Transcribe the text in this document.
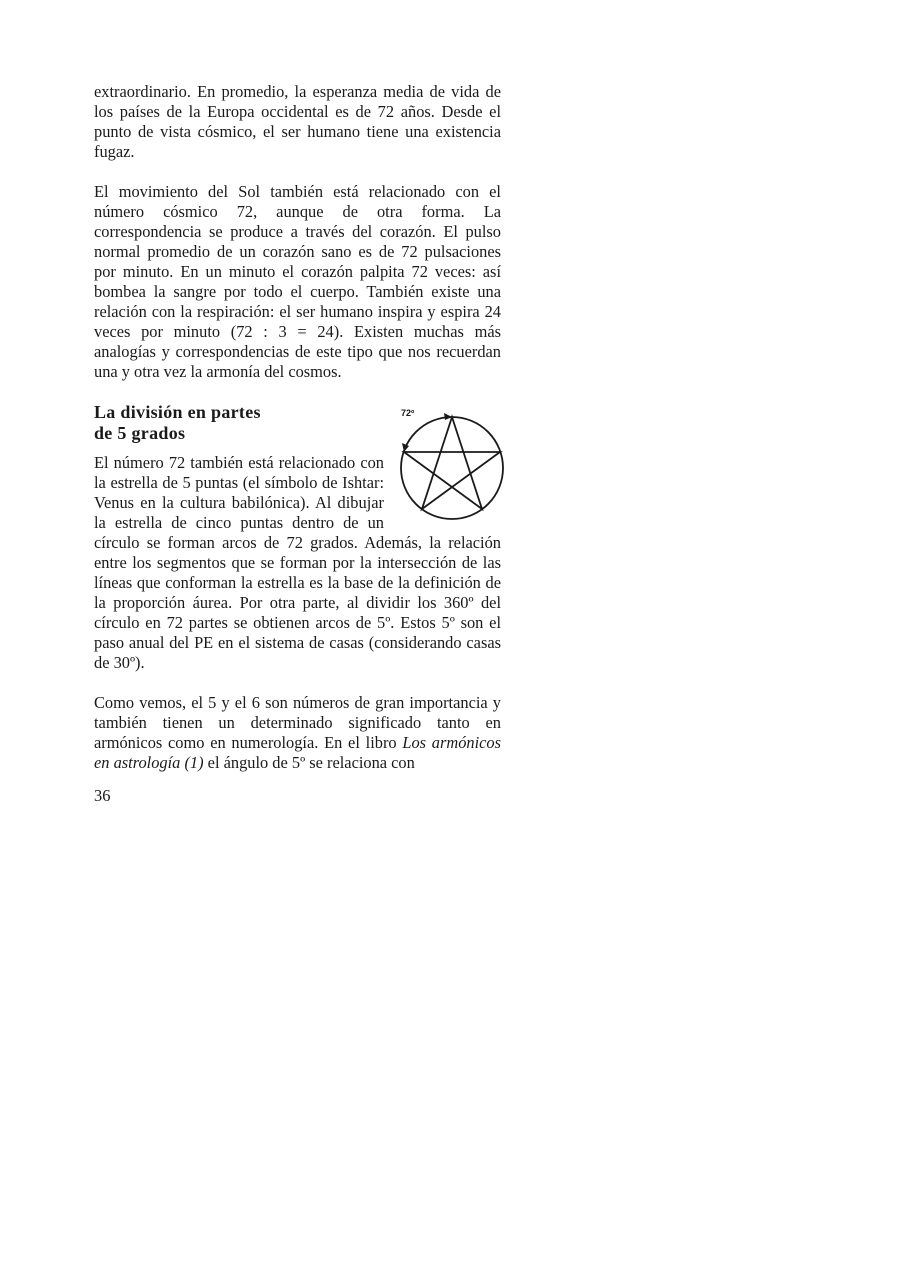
extraordinario. En promedio, la esperanza media de vida de los países de la Europa occidental es de 72 años. Desde el punto de vista cósmico, el ser humano tiene una existencia fugaz.

El movimiento del Sol también está relacionado con el número cósmico 72, aunque de otra forma. La correspondencia se produce a través del corazón. El pulso normal promedio de un corazón sano es de 72 pulsaciones por minuto. En un minuto el corazón palpita 72 veces: así bombea la sangre por todo el cuerpo. También existe una relación con la respiración: el ser humano inspira y espira 24 veces por minuto (72 : 3 = 24). Existen muchas más analogías y correspondencias de este tipo que nos recuerdan una y otra vez la armonía del cosmos.

72º
La división en partes
de 5 grados

El número 72 también está relacionado con la estrella de 5 puntas (el símbolo de Ishtar: Venus en la cultura babilónica). Al dibujar la estrella de cinco puntas dentro de un círculo se forman arcos de 72 grados. Además, la relación entre los segmentos que se forman por la intersección de las líneas que conforman la estrella es la base de la definición de la proporción áurea. Por otra parte, al dividir los 360º del círculo en 72 partes se obtienen arcos de 5º. Estos 5º son el paso anual del PE en el sistema de casas (considerando casas de 30º).

Como vemos, el 5 y el 6 son números de gran importancia y también tienen un determinado significado tanto en armónicos como en numerología. En el libro Los armónicos en astrología (1) el ángulo de 5º se relaciona con

36
